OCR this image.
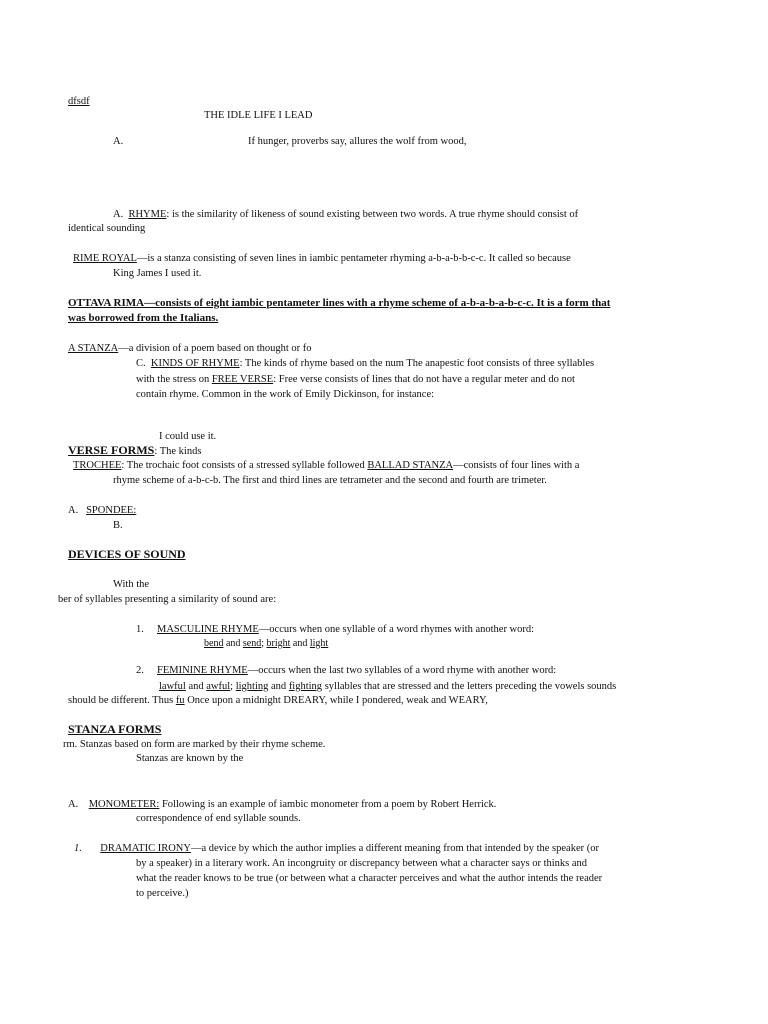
dfsdf
THE IDLE LIFE I LEAD
A.	If hunger, proverbs say, allures the wolf from wood,
A. RHYME: is the similarity of likeness of sound existing between two words. A true rhyme should consist of
identical sounding
RIME ROYAL—is a stanza consisting of seven lines in iambic pentameter rhyming a-b-a-b-b-c-c. It called so because
King James I used it.
OTTAVA RIMA—consists of eight iambic pentameter lines with a rhyme scheme of a-b-a-b-a-b-c-c. It is a form that
was borrowed from the Italians.
A STANZA—a division of a poem based on thought or fo
C. KINDS OF RHYME: The kinds of rhyme based on the num The anapestic foot consists of three syllables
with the stress on FREE VERSE: Free verse consists of lines that do not have a regular meter and do not
contain rhyme. Common in the work of Emily Dickinson, for instance:
I could use it.
VERSE FORMS: The kinds
TROCHEE: The trochaic foot consists of a stressed syllable followed BALLAD STANZA—consists of four lines with a
rhyme scheme of a-b-c-b. The first and third lines are tetrameter and the second and fourth are trimeter.
A. SPONDEE:
B.
DEVICES OF SOUND
With the
ber of syllables presenting a similarity of sound are:
1. MASCULINE RHYME—occurs when one syllable of a word rhymes with another word:
bend and send; bright and light
2. FEMININE RHYME—occurs when the last two syllables of a word rhyme with another word:
lawful and awful; lighting and fighting syllables that are stressed and the letters preceding the vowels sounds
should be different. Thus fu Once upon a midnight DREARY, while I pondered, weak and WEARY,
STANZA FORMS
rm. Stanzas based on form are marked by their rhyme scheme.
Stanzas are known by the
A. MONOMETER: Following is an example of iambic monometer from a poem by Robert Herrick.
correspondence of end syllable sounds.
1. DRAMATIC IRONY—a device by which the author implies a different meaning from that intended by the speaker (or
by a speaker) in a literary work. An incongruity or discrepancy between what a character says or thinks and
what the reader knows to be true (or between what a character perceives and what the author intends the reader
to perceive.)
